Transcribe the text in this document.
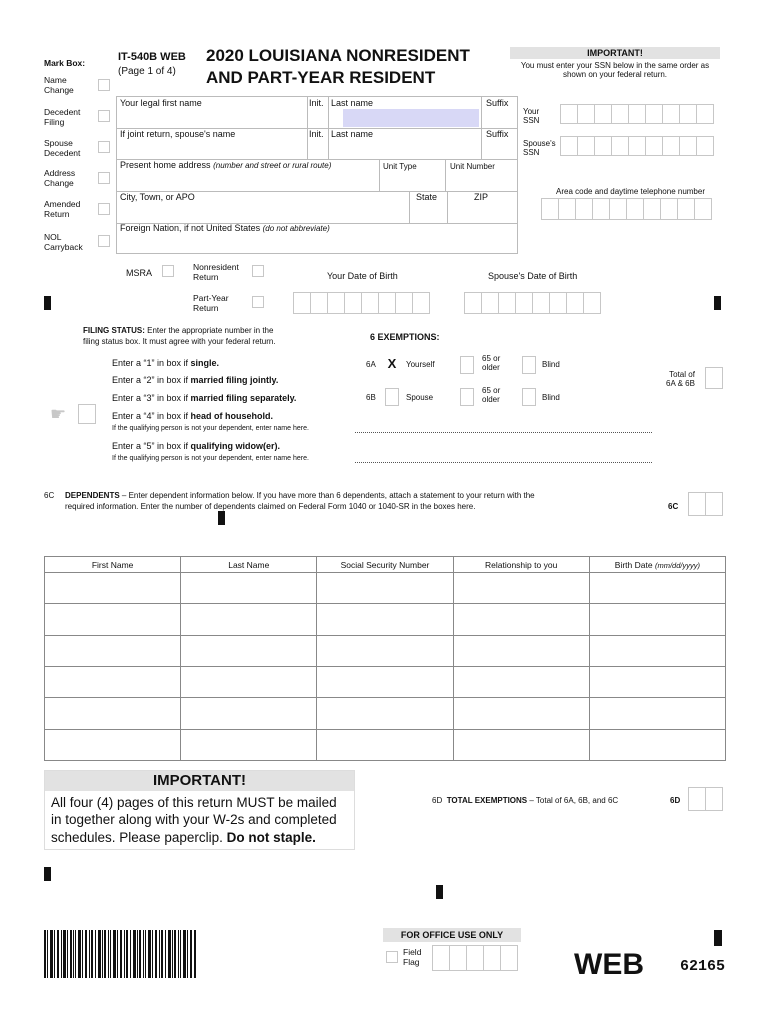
IT-540B WEB
(Page 1 of 4)
2020 LOUISIANA NONRESIDENT
AND PART-YEAR RESIDENT
IMPORTANT!
You must enter your SSN below in the same order as shown on your federal return.
Mark Box:
Name
Change
Decedent
Filing
Spouse
Decedent
Address
Change
Amended
Return
NOL
Carryback
Your legal first name	Init. Last name	Suffix
If joint return, spouse's name	Init. Last name	Suffix
Present home address (number and street or rural route)	Unit Type	Unit Number
City, Town, or APO	State	ZIP
Foreign Nation, if not United States (do not abbreviate)
Your
SSN
Spouse's
SSN
Area code and daytime telephone number
MSRA
Nonresident
Return	Your Date of Birth	Spouse's Date of Birth
Part-Year
Return
FILING STATUS: Enter the appropriate number in the
filing status box. It must agree with your federal return.
Enter a “1” in box if single.
Enter a “2” in box if married filing jointly.
Enter a “3” in box if married filing separately.
☛	Enter a “4” in box if head of household.
If the qualifying person is not your dependent, enter name here.
Enter a “5” in box if qualifying widow(er).
If the qualifying person is not your dependent, enter name here.
6 EXEMPTIONS:
6A X	Yourself
65 or
older	Blind
6B	Spouse
65 or
older	Blind
Total of
6A & 6B
6C DEPENDENTS – Enter dependent information below. If you have more than 6 dependents, attach a statement to your return with the
required information. Enter the number of dependents claimed on Federal Form 1040 or 1040-SR in the boxes here.	6C
First Name	Last Name	Social Security Number	Relationship to you	Birth Date (mm/dd/yyyy)

IMPORTANT!
All four (4) pages of this return MUST be mailed in together along with your W-2s and completed schedules. Please paperclip. Do not staple.
6D TOTAL EXEMPTIONS – Total of 6A, 6B, and 6C	6D
FOR OFFICE USE ONLY
Field
Flag	WEB 62165
